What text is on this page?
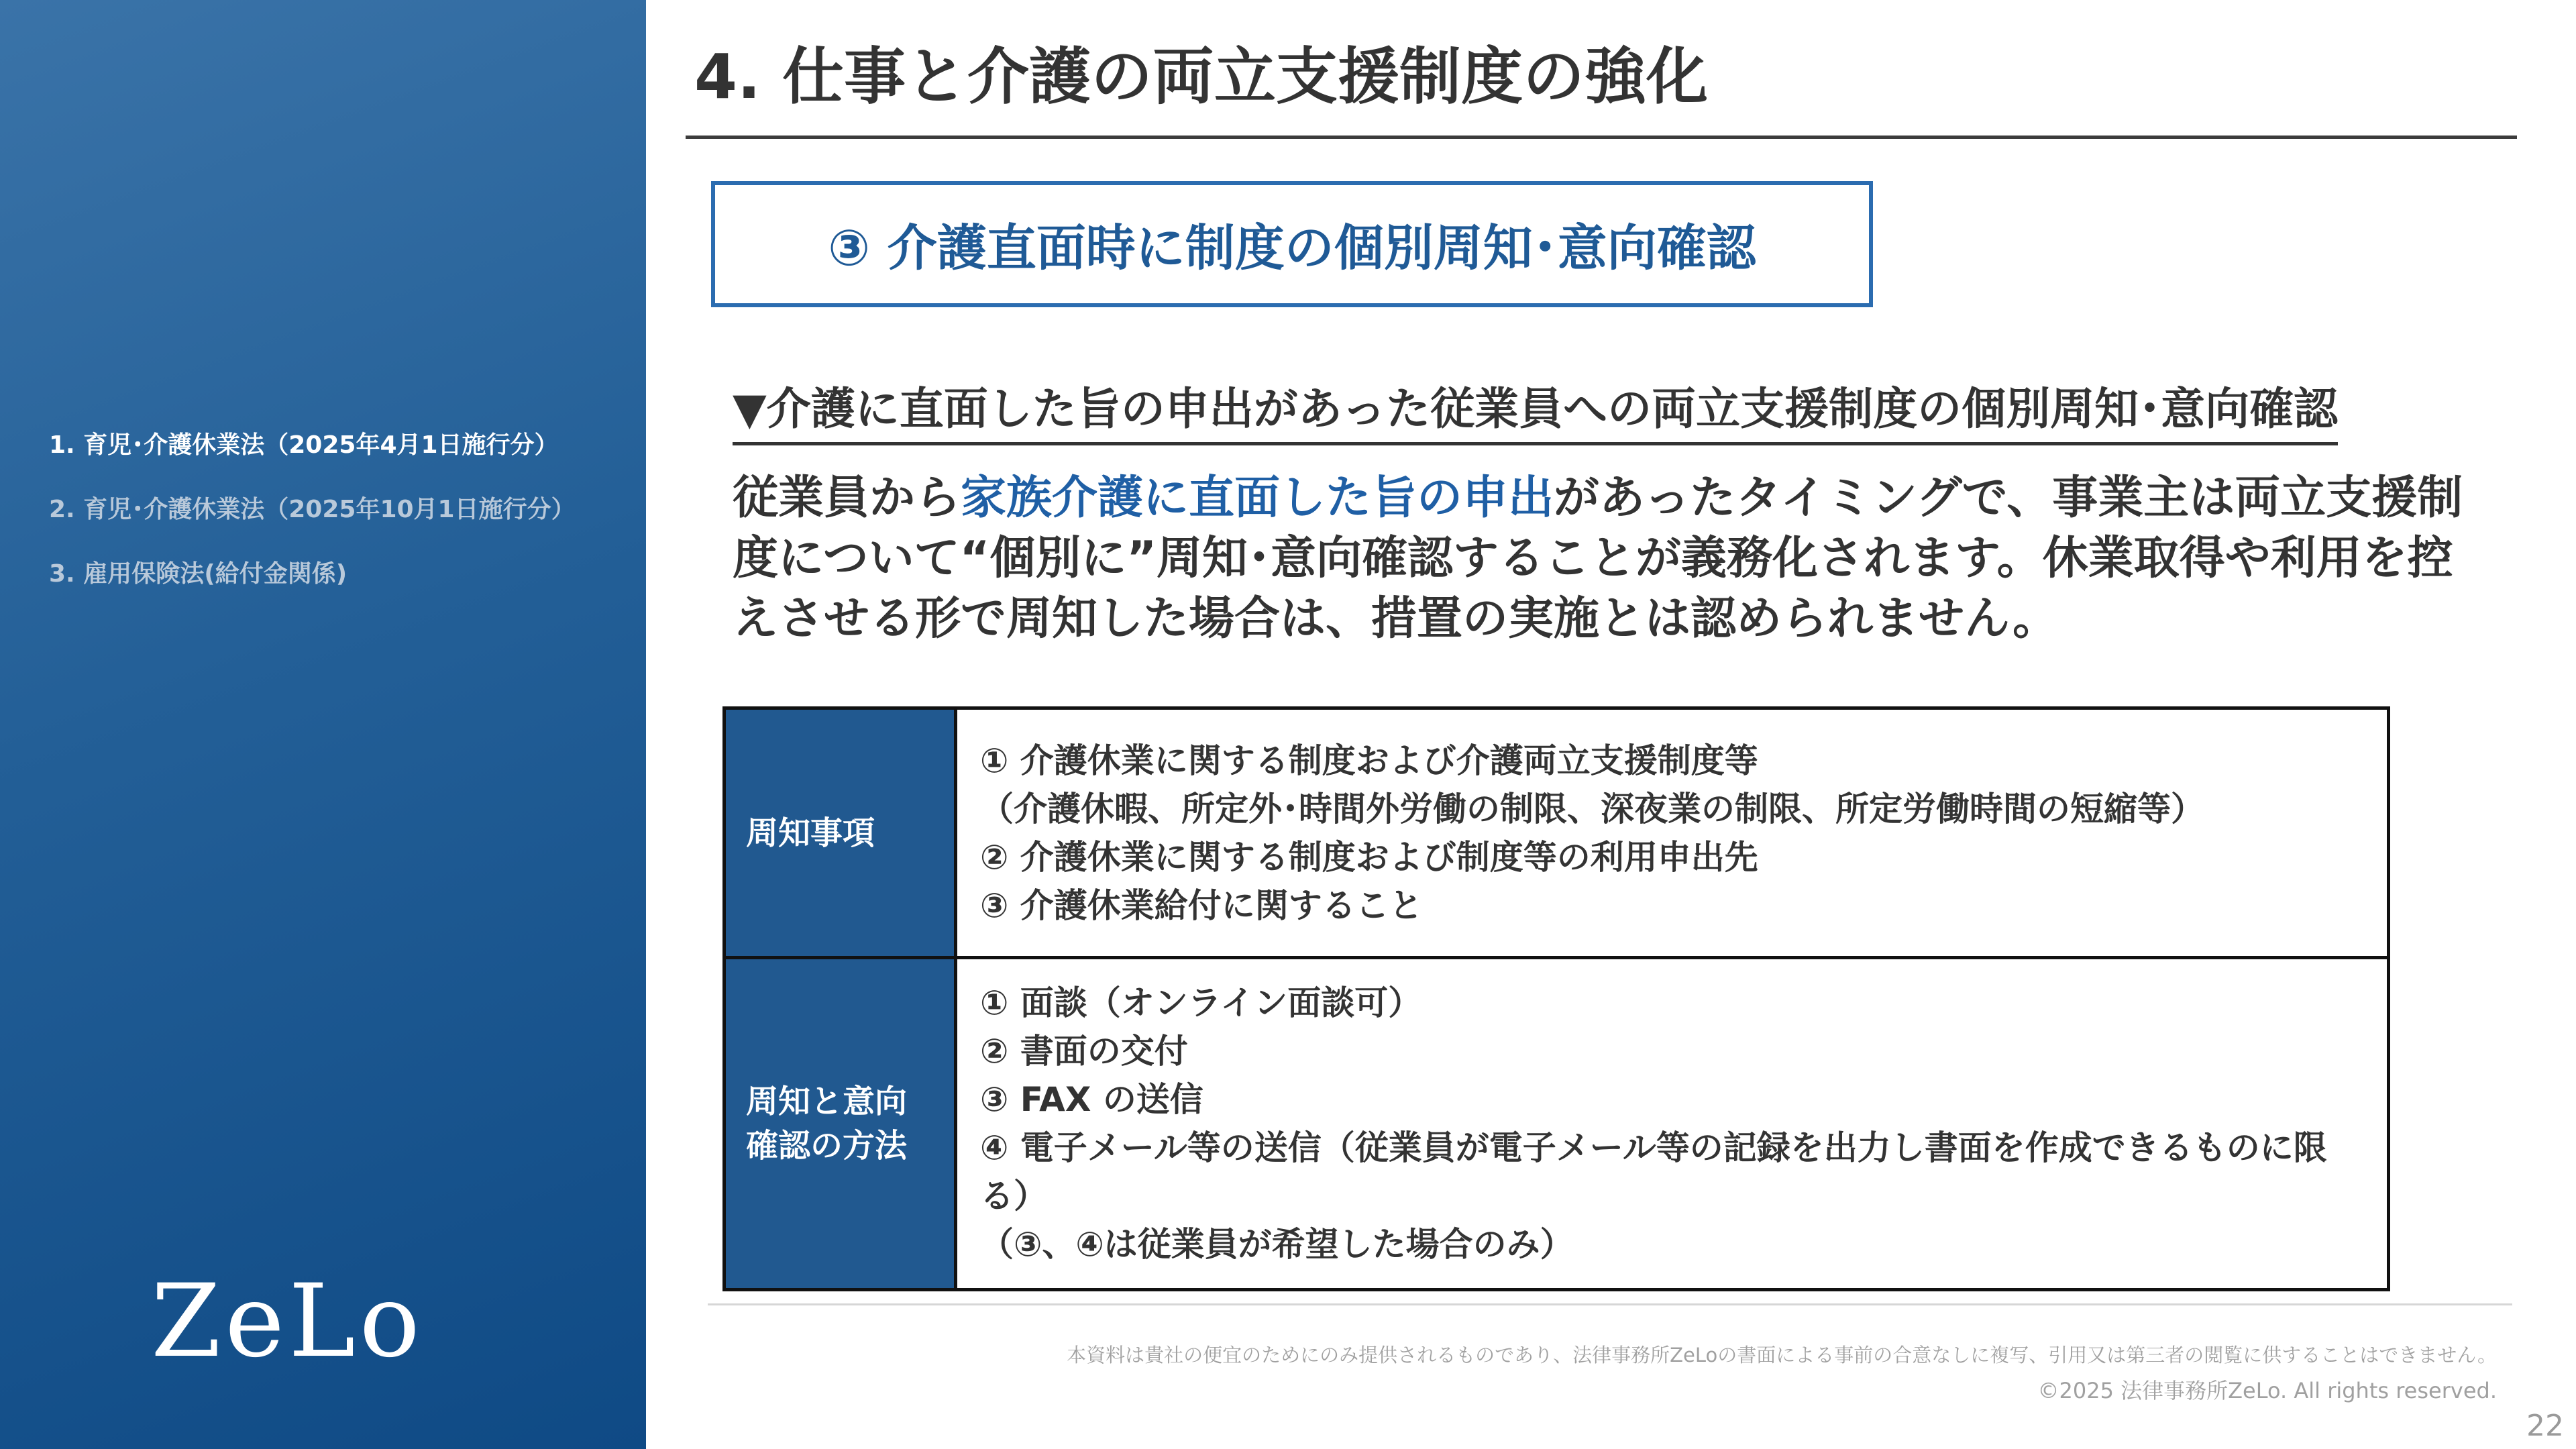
1. 育児･介護休業法（2025年4月1日施行分）
2. 育児･介護休業法（2025年10月1日施行分）
3. 雇用保険法(給付金関係)
ZeLo
4. 仕事と介護の両立支援制度の強化
③ 介護直面時に制度の個別周知･意向確認
▼介護に直面した旨の申出があった従業員への両立支援制度の個別周知･意向確認
従業員から家族介護に直面した旨の申出があったタイミングで、事業主は両立支援制度について“個別に”周知･意向確認することが義務化されます。休業取得や利用を控えさせる形で周知した場合は、措置の実施とは認められません。
周知事項	① 介護休業に関する制度および介護両立支援制度等
（介護休暇、所定外･時間外労働の制限、深夜業の制限、所定労働時間の短縮等）
② 介護休業に関する制度および制度等の利用申出先
③ 介護休業給付に関すること

周知と意向
確認の方法	① 面談（オンライン面談可）
② 書面の交付
③ FAX の送信
④ 電子メール等の送信（従業員が電子メール等の記録を出力し書面を作成できるものに限る）
（③、④は従業員が希望した場合のみ）
本資料は貴社の便宜のためにのみ提供されるものであり、法律事務所ZeLoの書面による事前の合意なしに複写、引用又は第三者の閲覧に供することはできません。
©2025 法律事務所ZeLo. All rights reserved.
22
